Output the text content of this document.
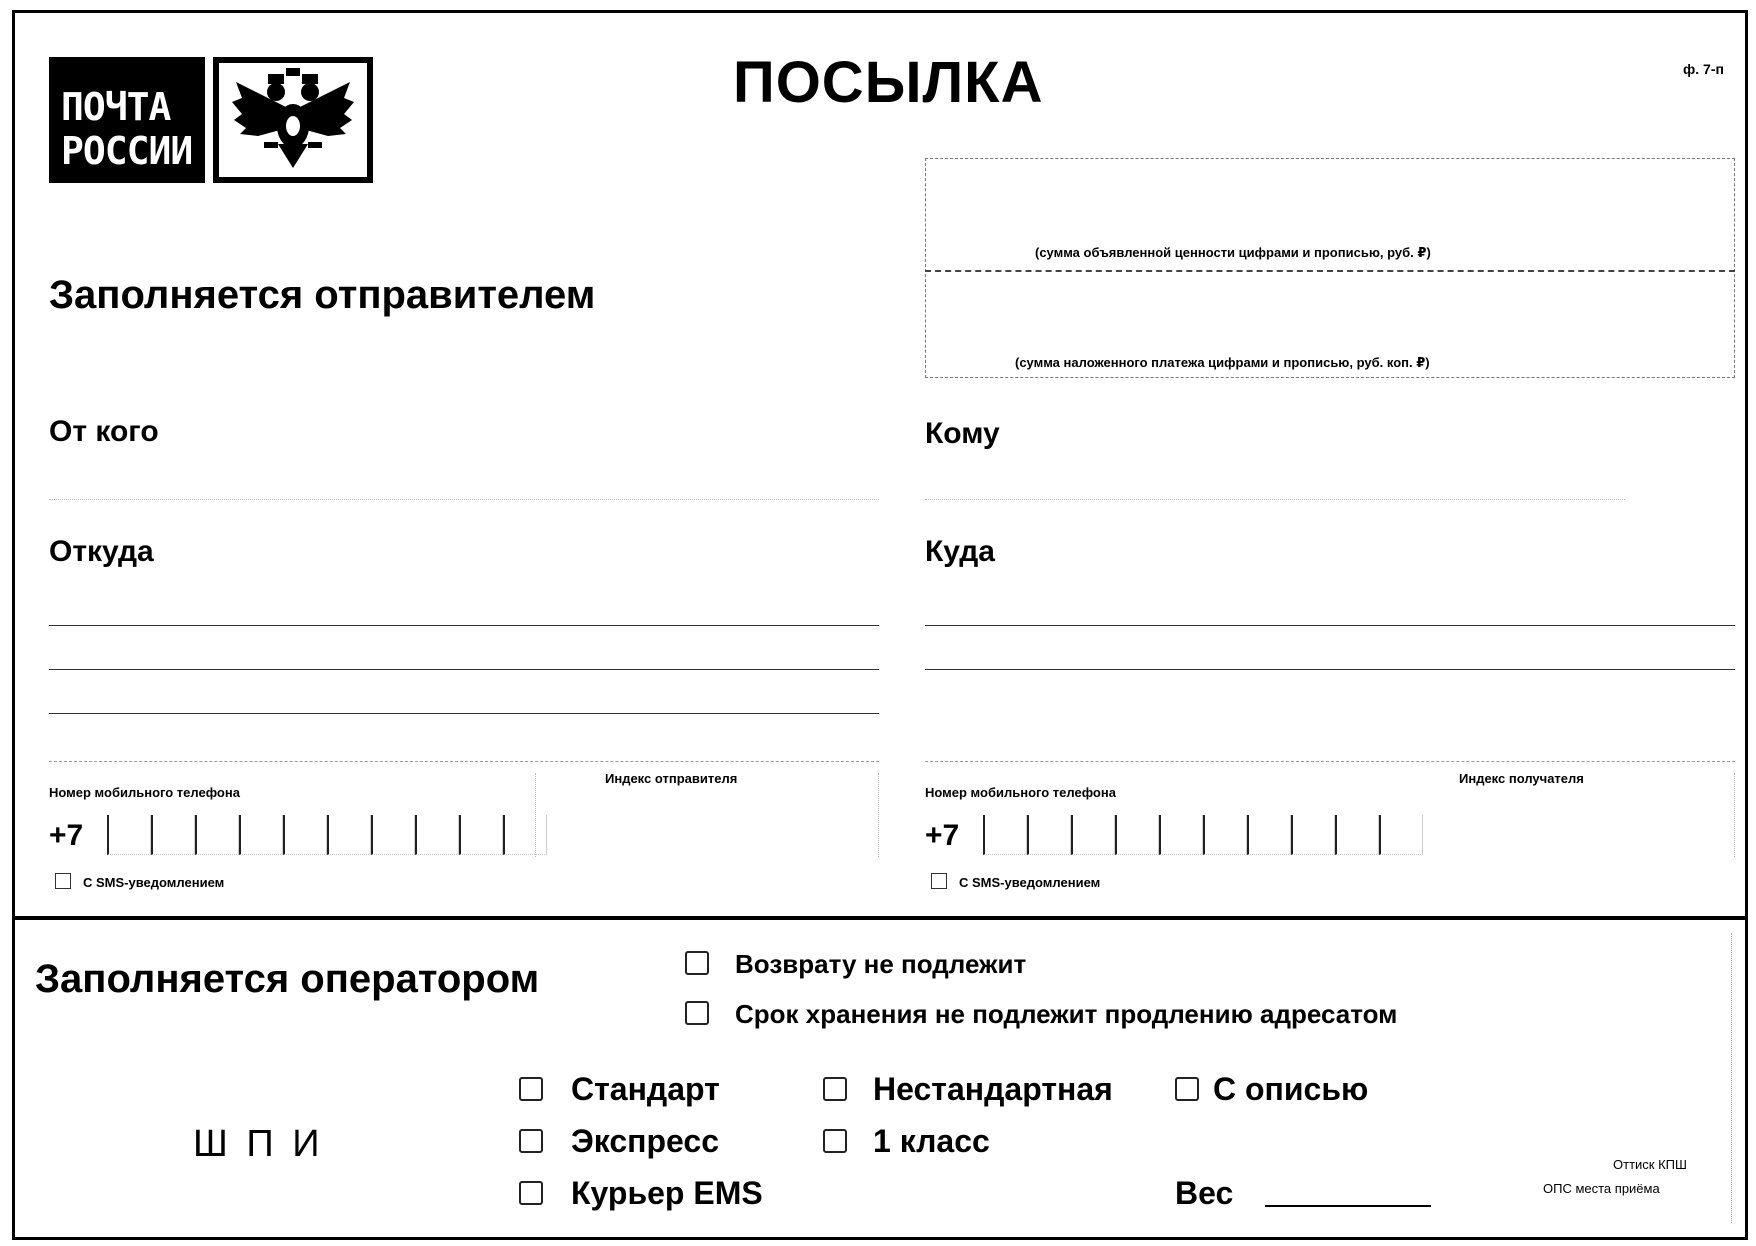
ПОЧТА
РОССИИ
ПОСЫЛКА	ф. 7-п
(сумма объявленной ценности цифрами и прописью, руб. ₽)
(сумма наложенного платежа цифрами и прописью, руб. коп. ₽)
Заполняется отправителем
От кого
Откуда
Номер мобильного телефона
Индекс отправителя
+7
С SMS-уведомлением
Кому
Куда
Номер мобильного телефона
Индекс получателя
+7
С SMS-уведомлением
Заполняется оператором	Возврату не подлежит
Срок хранения не подлежит продлению адресатом
Ш П И
Стандарт	Нестандартная	С описью
Экспресс	1 класс
Курьер EMS	Вес
Оттиск КПШ
ОПС места приёма
